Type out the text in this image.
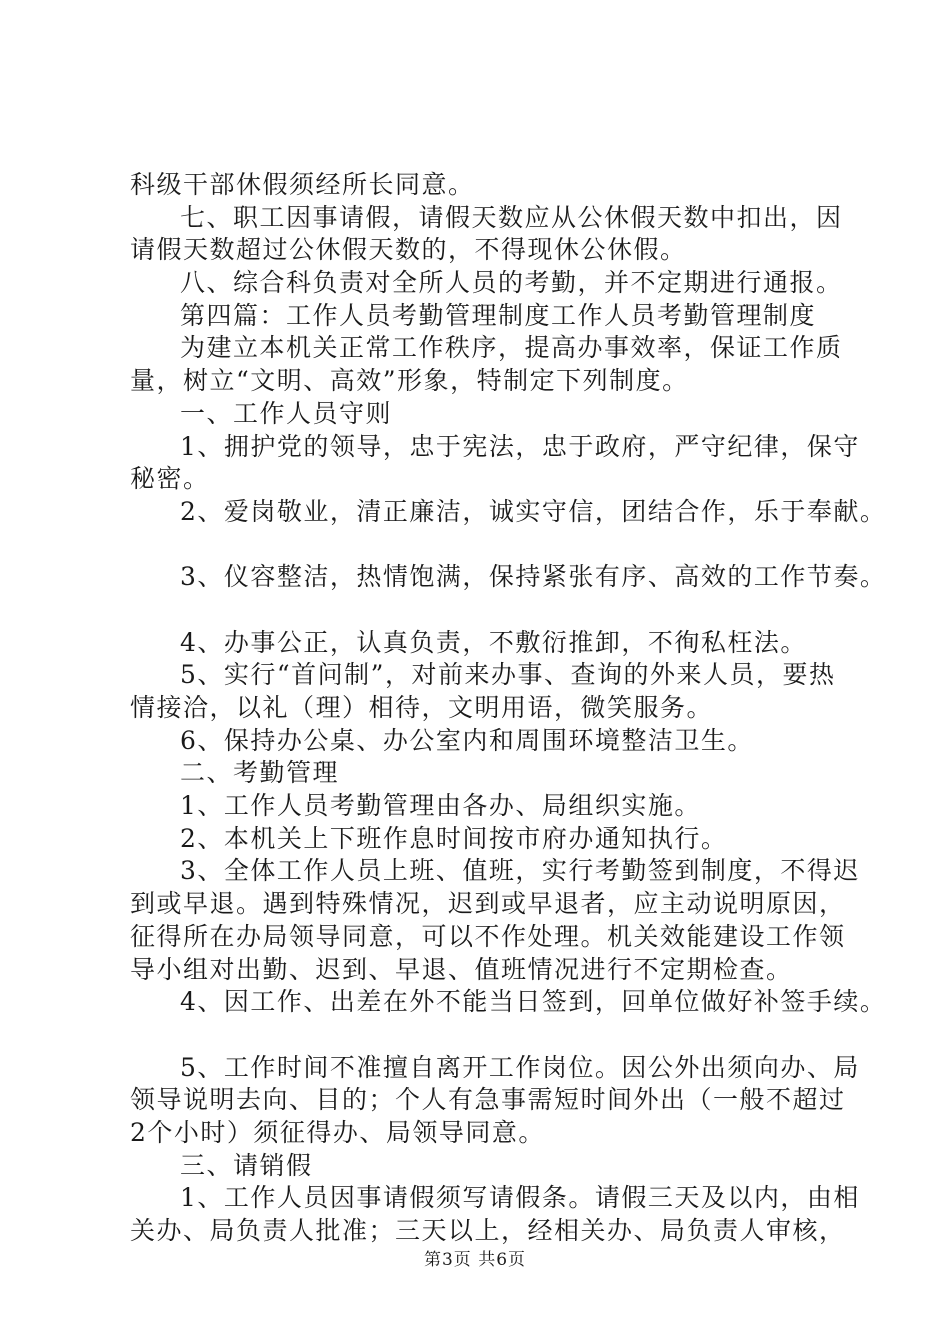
科级干部休假须经所长同意。
七、职工因事请假，请假天数应从公休假天数中扣出，因
请假天数超过公休假天数的，不得现休公休假。
八、综合科负责对全所人员的考勤，并不定期进行通报。
第四篇：工作人员考勤管理制度工作人员考勤管理制度
为建立本机关正常工作秩序，提高办事效率，保证工作质
量，树立“文明、高效”形象，特制定下列制度。
一、工作人员守则
1、拥护党的领导，忠于宪法，忠于政府，严守纪律，保守
秘密。
2、爱岗敬业，清正廉洁，诚实守信，团结合作，乐于奉献。
3、仪容整洁，热情饱满，保持紧张有序、高效的工作节奏。
4、办事公正，认真负责，不敷衍推卸，不徇私枉法。
5、实行“首问制”，对前来办事、查询的外来人员，要热
情接洽，以礼（理）相待，文明用语，微笑服务。
6、保持办公桌、办公室内和周围环境整洁卫生。
二、考勤管理
1、工作人员考勤管理由各办、局组织实施。
2、本机关上下班作息时间按市府办通知执行。
3、全体工作人员上班、值班，实行考勤签到制度，不得迟
到或早退。遇到特殊情况，迟到或早退者，应主动说明原因，
征得所在办局领导同意，可以不作处理。机关效能建设工作领
导小组对出勤、迟到、早退、值班情况进行不定期检查。
4、因工作、出差在外不能当日签到，回单位做好补签手续。
5、工作时间不准擅自离开工作岗位。因公外出须向办、局
领导说明去向、目的；个人有急事需短时间外出（一般不超过
2个小时）须征得办、局领导同意。
三、请销假
1、工作人员因事请假须写请假条。请假三天及以内，由相
关办、局负责人批准；三天以上，经相关办、局负责人审核，
第3页 共6页
